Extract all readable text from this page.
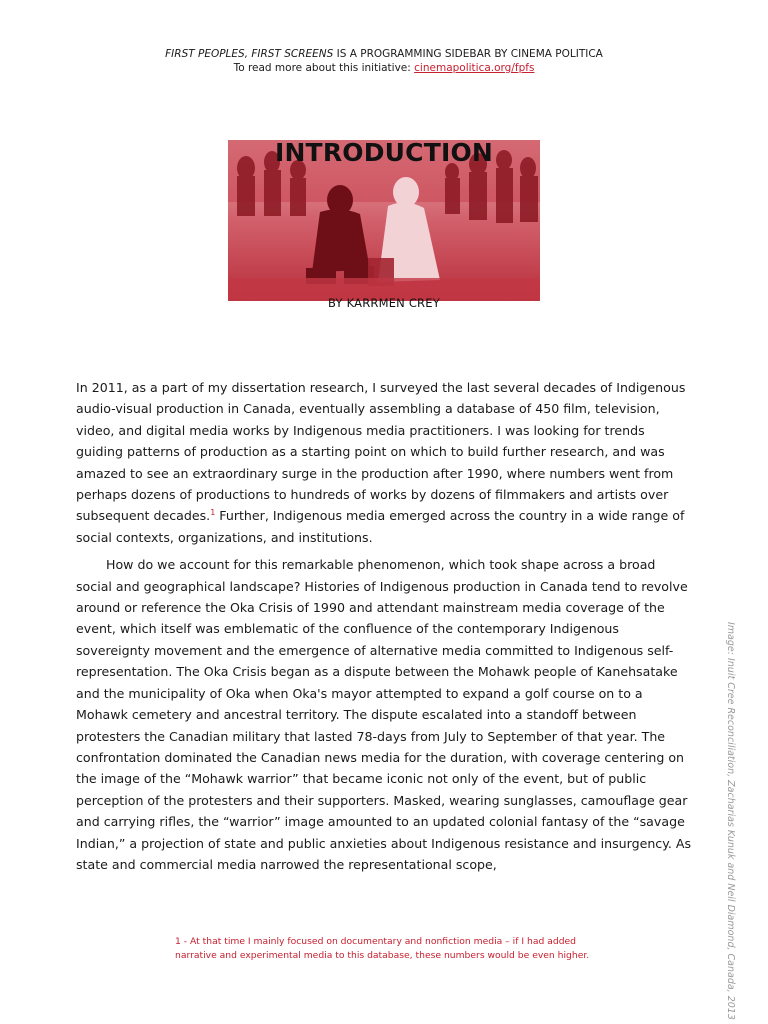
FIRST PEOPLES, FIRST SCREENS IS A PROGRAMMING SIDEBAR BY CINEMA POLITICA
To read more about this initiative: cinemapolitica.org/fpfs
INTRODUCTION
BY KARRMEN CREY

In 2011, as a part of my dissertation research, I surveyed the last several decades of Indigenous audio-visual production in Canada, eventually assembling a database of 450 film, television, video, and digital media works by Indigenous media practitioners. I was looking for trends guiding patterns of production as a starting point on which to build further research, and was amazed to see an extraordinary surge in the production after 1990, where numbers went from perhaps dozens of productions to hundreds of works by dozens of filmmakers and artists over subsequent decades.$^1$ Further, Indigenous media emerged across the country in a wide range of social contexts, organizations, and institutions.

How do we account for this remarkable phenomenon, which took shape across a broad social and geographical landscape? Histories of Indigenous production in Canada tend to revolve around or reference the Oka Crisis of 1990 and attendant mainstream media coverage of the event, which itself was emblematic of the confluence of the contemporary Indigenous sovereignty movement and the emergence of alternative media committed to Indigenous self-representation. The Oka Crisis began as a dispute between the Mohawk people of Kanehsatake and the municipality of Oka when Oka's mayor attempted to expand a golf course on to a Mohawk cemetery and ancestral territory. The dispute escalated into a standoff between protesters the Canadian military that lasted 78-days from July to September of that year. The confrontation dominated the Canadian news media for the duration, with coverage centering on the image of the “Mohawk warrior” that became iconic not only of the event, but of public perception of the protesters and their supporters. Masked, wearing sunglasses, camouflage gear and carrying rifles, the “warrior” image amounted to an updated colonial fantasy of the “savage Indian,” a projection of state and public anxieties about Indigenous resistance and insurgency. As state and commercial media narrowed the representational scope,

1 - At that time I mainly focused on documentary and nonfiction media – if I had added
narrative and experimental media to this database, these numbers would be even higher.	Image: Inuit Cree Reconciliation, Zacharias Kunuk and Neil Diamond, Canada, 2013
